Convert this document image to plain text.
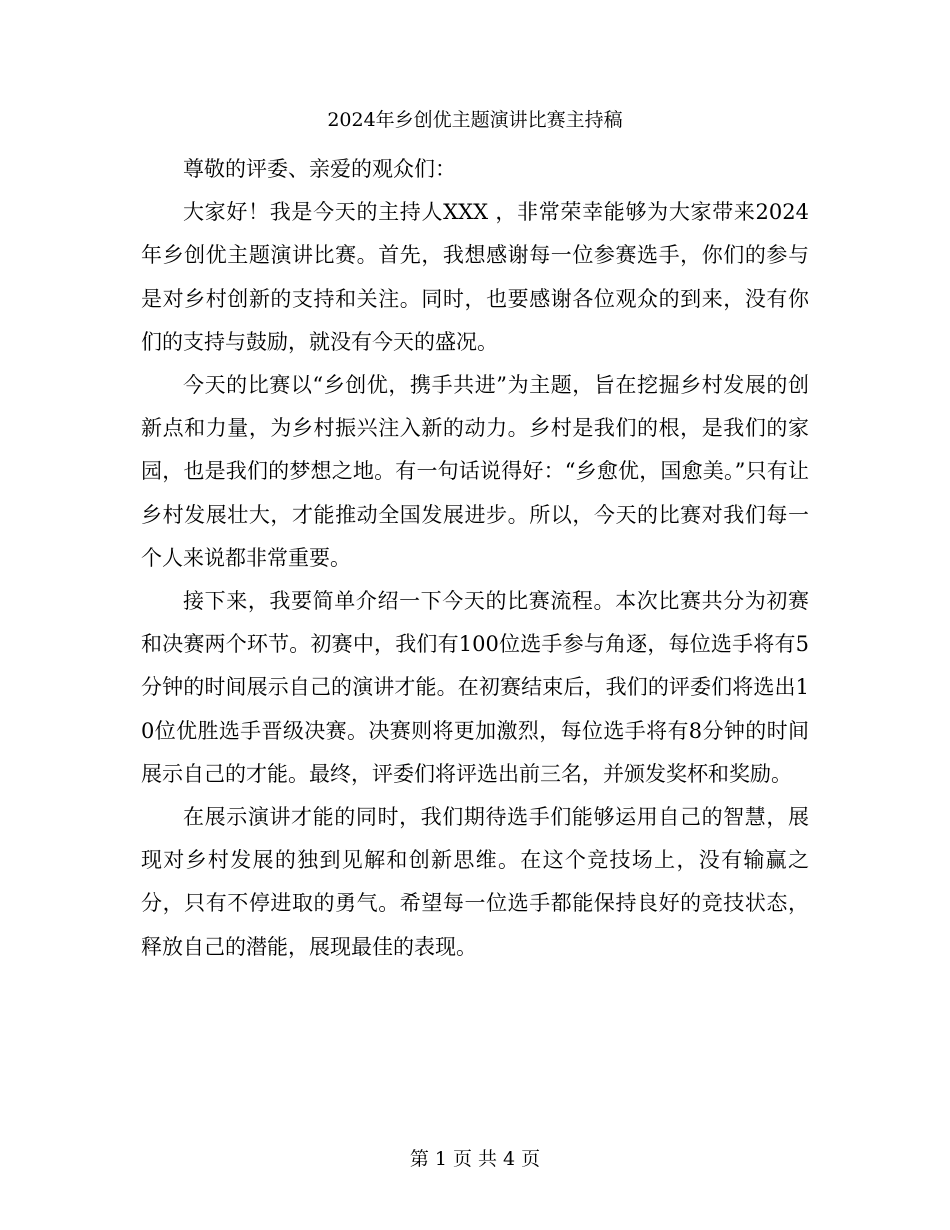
2024年乡创优主题演讲比赛主持稿

尊敬的评委、亲爱的观众们：

大家好！我是今天的主持人XXX ，非常荣幸能够为大家带来2024年乡创优主题演讲比赛。首先，我想感谢每一位参赛选手，你们的参与是对乡村创新的支持和关注。同时，也要感谢各位观众的到来，没有你们的支持与鼓励，就没有今天的盛况。

今天的比赛以“乡创优，携手共进”为主题，旨在挖掘乡村发展的创新点和力量，为乡村振兴注入新的动力。乡村是我们的根，是我们的家园，也是我们的梦想之地。有一句话说得好：“乡愈优，国愈美。”只有让乡村发展壮大，才能推动全国发展进步。所以，今天的比赛对我们每一个人来说都非常重要。

接下来，我要简单介绍一下今天的比赛流程。本次比赛共分为初赛和决赛两个环节。初赛中，我们有100位选手参与角逐，每位选手将有5分钟的时间展示自己的演讲才能。在初赛结束后，我们的评委们将选出10位优胜选手晋级决赛。决赛则将更加激烈，每位选手将有8分钟的时间展示自己的才能。最终，评委们将评选出前三名，并颁发奖杯和奖励。

在展示演讲才能的同时，我们期待选手们能够运用自己的智慧，展现对乡村发展的独到见解和创新思维。在这个竞技场上，没有输赢之分，只有不停进取的勇气。希望每一位选手都能保持良好的竞技状态，释放自己的潜能，展现最佳的表现。

第 1 页 共 4 页
